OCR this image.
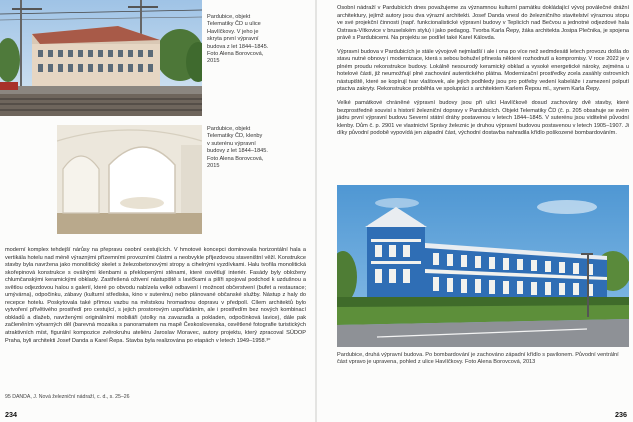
Pardubice, objekt
Telematiky ČD u ulice
Havlíčkovy. V jeho je
skryta první výpravní
budova z let 1844–1845.
Foto Alena Borovcová,
2015
Pardubice, objekt
Telematiky ČD, klenby
v suterénu výpravní
budovy z let 1844–1845.
Foto Alena Borovcová,
2015

moderní komplex tehdejší nárůsy na přepravu osobní cestujících. V hmotové koncepci dominovala horizontální hala a vertikála hotelu nad méně výraznými přízemními provozními částmi a neobvykle příjezdovou staveništní věží. Konstrukce stavby byla navržena jako monolitický skelet s železobetonovými stropy a cihelnými vyzdívkami. Halu tvořila monolitická skořepinová konstrukce s oválnými klenbami a překlopenými stěnami, které osvětlují interiér. Fasády byly obloženy chlumčanskými keramickými obklady. Zastřešená oživení nástupiště s lavičkami a pilíři spojoval podchod k uzdušnou a světlou odjezdovou halou s galerií, které po obvodu nabízela velké odbavení i možnost občerstvení (bufet a restaurace; umývárna), odpočinku, zábavy (kulturní střediska, kino v suterénu) nebo plánované občanské služby. Nástup z haly do recepce hotelu. Poskytovala také přímou vazbu na městskou hromadnou dopravu v předpolí. Cílem architektů bylo vytvoření přívětivého prostředí pro cestující, s jejich prostorovým uspořádáním, ale i prostředím bez nových kombinací obkladů a dlažeb, navrženými originálními mobiliáři (stolky na zavazadla a pokladen, odpočinková lavice), dále pak začleněním výtvarných děl (barevná mozaika s panoramatem na mapě Československa, osvětlené fotografie turistických atraktivních míst, figurální kompozice zvěrokruhu ateliéru Jaroslav Moravec, autory projektu, který zpracoval SÚDOP Praha, byli architekti Josef Danda a Karel Řepa. Stavba byla realizována po etapách v letech 1949–1958.³⁰

95 DANDA, J. Nová železniční nádraží, c. d., s. 25–26
234

Osobní nádraží v Pardubicích dnes považujeme za významnou kulturní památku dokládající vývoj poválečné drážní architektury, jejímž autory jsou dva výrazní architekti. Josef Danda vnesl do železničního stavitelství výraznou stopu ve své projekční činnosti (např. funkcionalistické výpravní budovy v Teplicích nad Bečvou a jednotné odjezdové hala Ostrava-Vítkovice v bruselském stylu) i jako pedagog. Tvorba Karla Řepy, žáka architekta Josipa Plečnika, je spojena právě s Pardubicemi. Na projektu se podílel také Karel Kálovda.

Výpravní budova v Pardubicích je stále vývojově nejmladší i ale i ona po více než sedmdesáti letech provozu došla do stavu nutné obnovy i modernizace, která s sebou bohužel přinesla některé rozhodnutí a kompromisy. V roce 2022 je v plném proudu rekonstrukce budovy. Lokálně nesourodý keramický obklad a vysoké energetické nároky, zejména u hotelové části, již neumožňují plné zachování autentického plátna. Modernizační prostředky zcela zasáhly ostrovních nástupiště, které se kopírují tvar vlaštovek, ale jejich podhledy jsou pro potřeby vedení kabeláže i zamezení polputí ptactva zakryty. Rekonstrukce proběhla ve spolupráci s architektem Karlem Řepou ml., synem Karla Řepy.

Velké památkové chráněné výpravní budovy jsou při ulici Havlíčkově dosud zachovány dvě stavby, které bezprostředně souvisí s historií železniční dopravy v Pardubicích. Objekt Telematiky ČD (č. p. 205 obsahuje se svém jádru první výpravní budovu Severní státní dráhy postavenou v letech 1844–1845. V suterénu jsou viditelné původní klenby. Dům č. p. 2901 ve vlastnictví Správy železnic je druhou výpravní budovou postavenou v letech 1905–1907. Ji díky původní podobě vypovídá jen západní část, východní dostavba nahradila křídlo poškozené bombardováním.

Pardubice, druhá výpravní budova. Po bombardování je zachováno západní křídlo s pavilonem. Původní ventrální část vpravo je upravena, pohled z ulice Havlíčkovy. Foto Alena Borovcová, 2013
236
